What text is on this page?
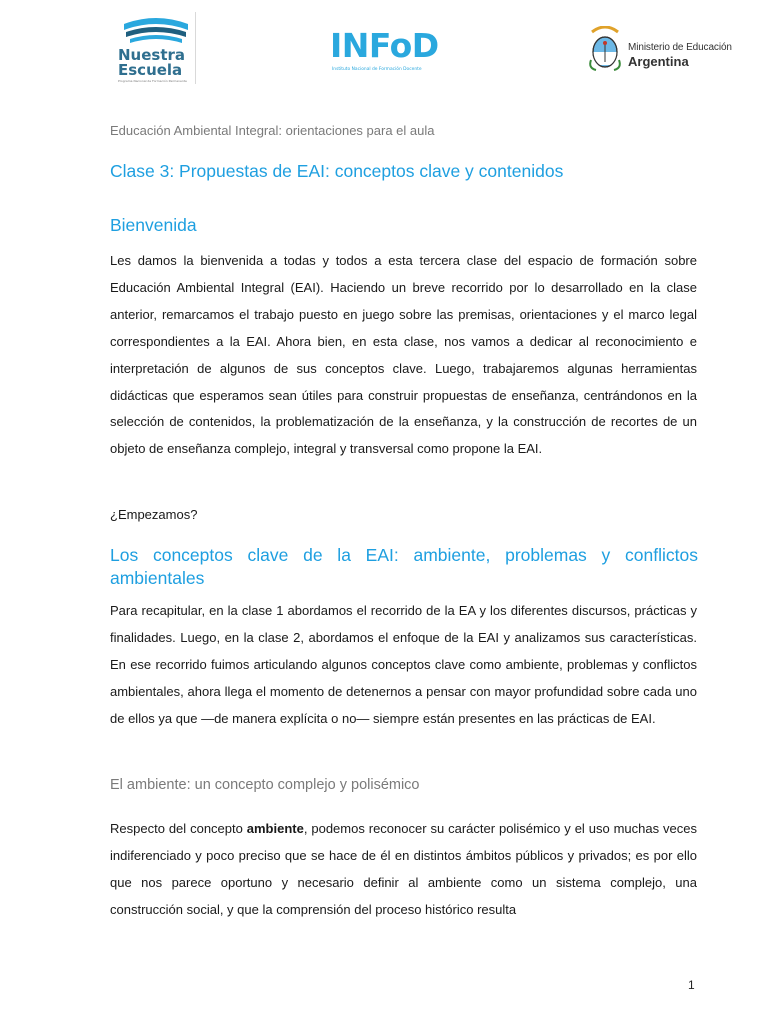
Nuestra
Escuela
Programa Nacional de Formación Permanente
INFoD
Instituto Nacional de Formación Docente
Ministerio de Educación
Argentina
Educación Ambiental Integral: orientaciones para el aula
Clase 3: Propuestas de EAI: conceptos clave y contenidos
Bienvenida

Les damos la bienvenida a todas y todos a esta tercera clase del espacio de formación sobre Educación Ambiental Integral (EAI). Haciendo un breve recorrido por lo desarrollado en la clase anterior, remarcamos el trabajo puesto en juego sobre las premisas, orientaciones y el marco legal correspondientes a la EAI. Ahora bien, en esta clase, nos vamos a dedicar al reconocimiento e interpretación de algunos de sus conceptos clave. Luego, trabajaremos algunas herramientas didácticas que esperamos sean útiles para construir propuestas de enseñanza, centrándonos en la selección de contenidos, la problematización de la enseñanza, y la construcción de recortes de un objeto de enseñanza complejo, integral y transversal como propone la EAI.

¿Empezamos?

Los conceptos clave de la EAI: ambiente, problemas y conflictos ambientales

Para recapitular, en la clase 1 abordamos el recorrido de la EA y los diferentes discursos, prácticas y finalidades. Luego, en la clase 2, abordamos el enfoque de la EAI y analizamos sus características. En ese recorrido fuimos articulando algunos conceptos clave como ambiente, problemas y conflictos ambientales, ahora llega el momento de detenernos a pensar con mayor profundidad sobre cada uno de ellos ya que —de manera explícita o no— siempre están presentes en las prácticas de EAI.

El ambiente: un concepto complejo y polisémico

Respecto del concepto ambiente, podemos reconocer su carácter polisémico y el uso muchas veces indiferenciado y poco preciso que se hace de él en distintos ámbitos públicos y privados; es por ello que nos parece oportuno y necesario definir al ambiente como un sistema complejo, una construcción social, y que la comprensión del proceso histórico resulta

1
